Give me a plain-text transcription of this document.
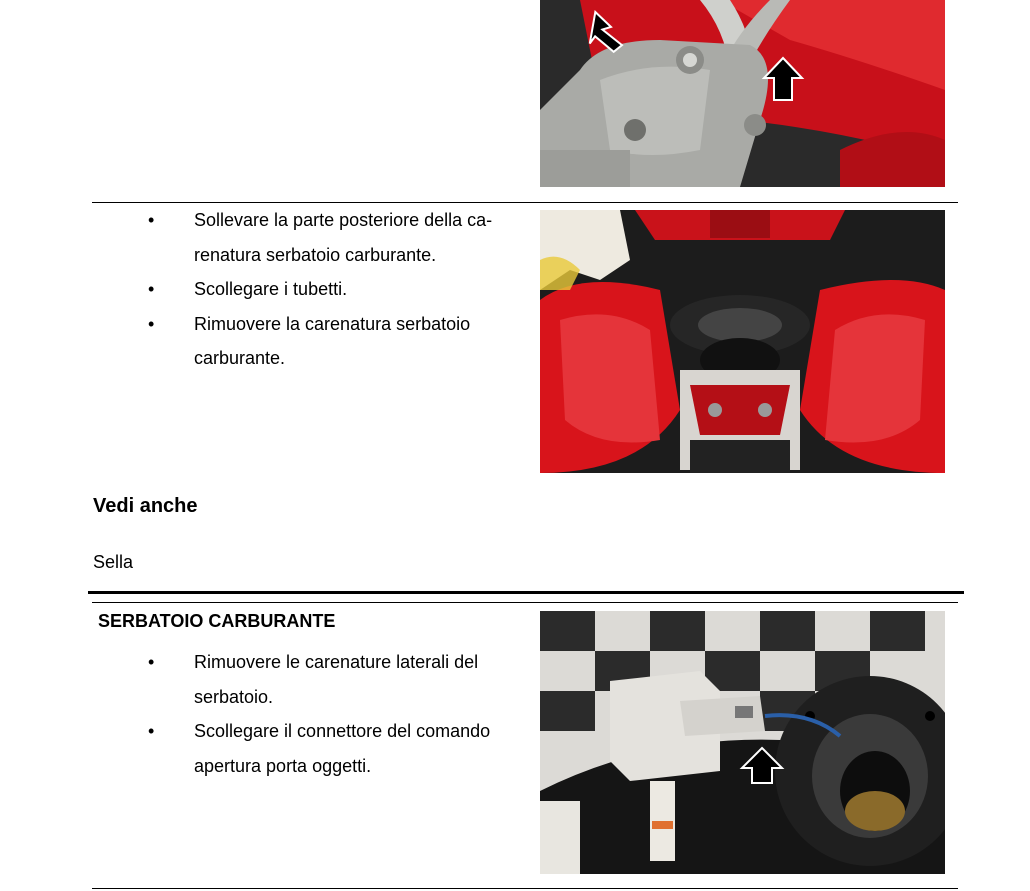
• Sollevare la parte posteriore della ca-
renatura serbatoio carburante.
• Scollegare i tubetti.
• Rimuovere la carenatura serbatoio
carburante.
Vedi anche
Sella
SERBATOIO CARBURANTE
• Rimuovere le carenature laterali del
serbatoio.
• Scollegare il connettore del comando
apertura porta oggetti.
